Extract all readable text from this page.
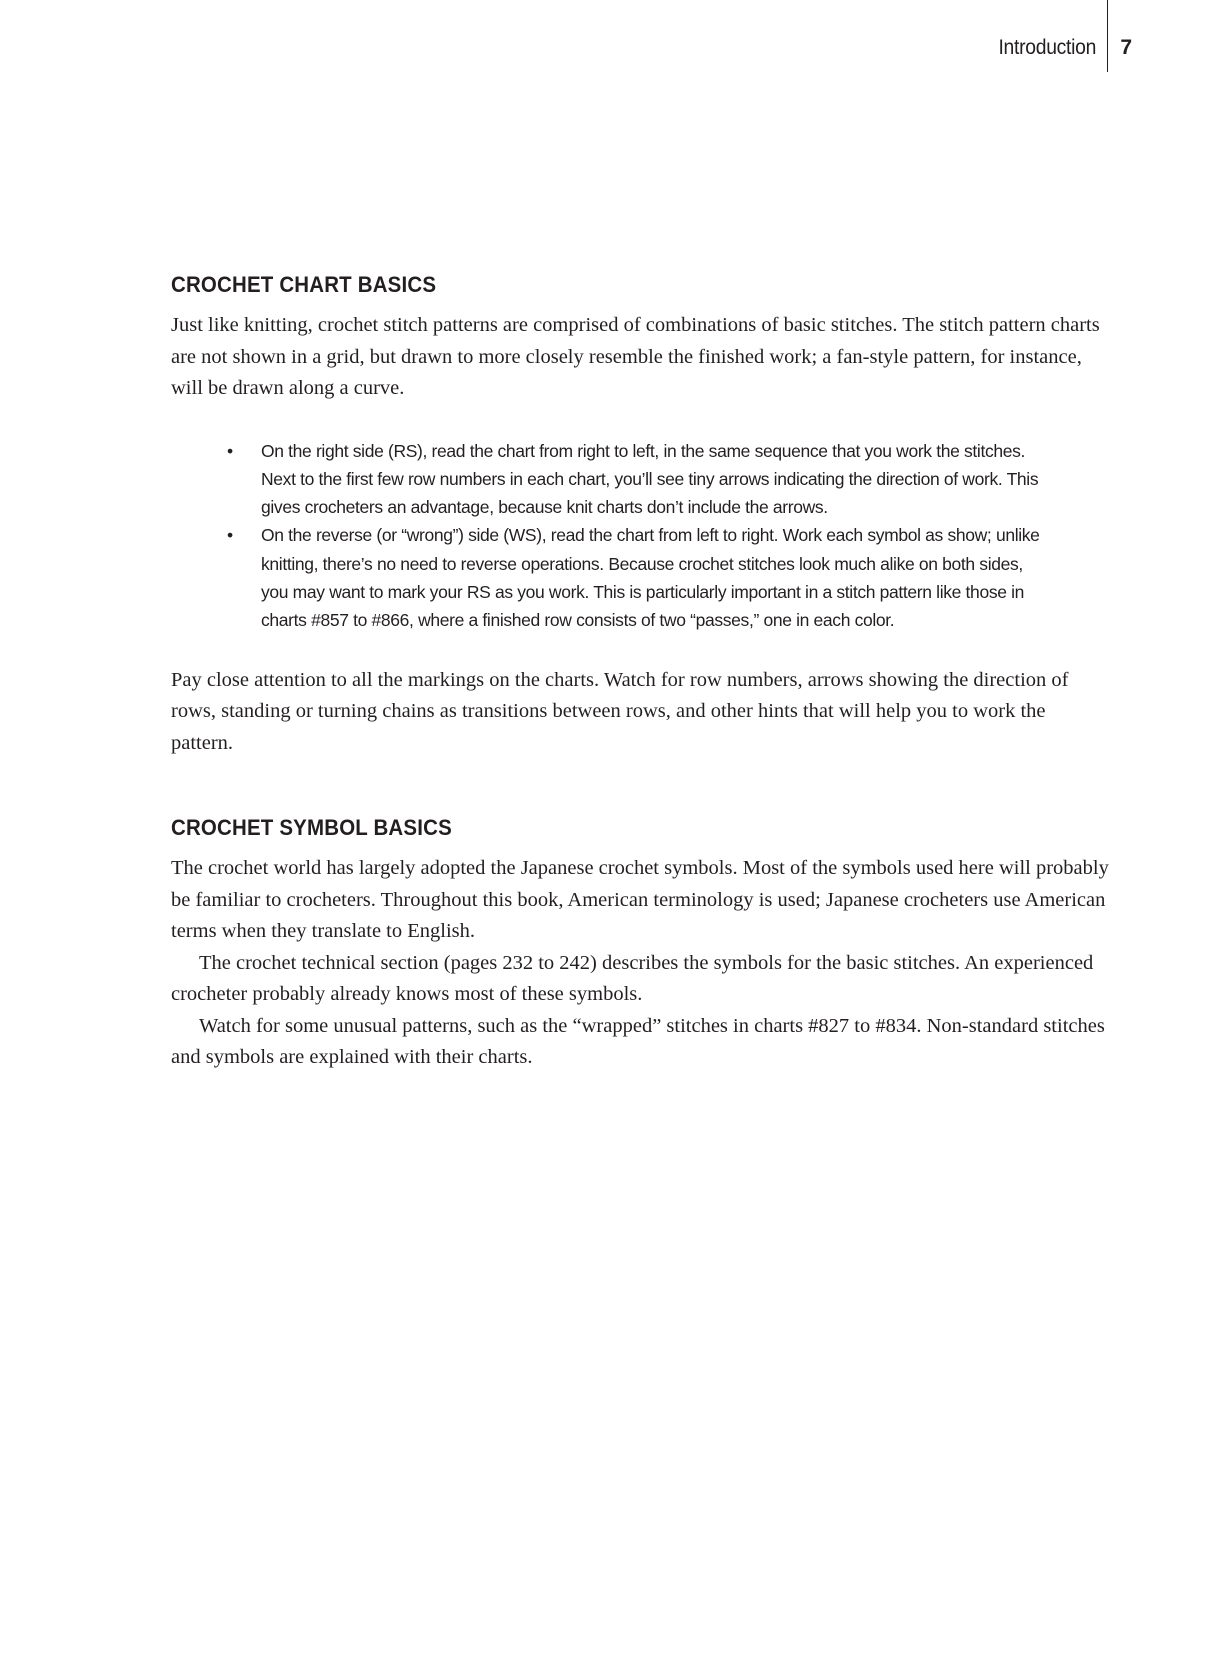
Introduction	7
CROCHET CHART BASICS

Just like knitting, crochet stitch patterns are comprised of combinations of basic stitches. The stitch pattern charts are not shown in a grid, but drawn to more closely resemble the finished work; a fan-style pattern, for instance, will be drawn along a curve.

• On the right side (RS), read the chart from right to left, in the same sequence that you work the stitches. Next to the first few row numbers in each chart, you’ll see tiny arrows indicating the direction of work. This gives crocheters an advantage, because knit charts don’t include the arrows.
• On the reverse (or “wrong”) side (WS), read the chart from left to right. Work each symbol as show; unlike knitting, there’s no need to reverse operations. Because crochet stitches look much alike on both sides, you may want to mark your RS as you work. This is particularly important in a stitch pattern like those in charts #857 to #866, where a finished row consists of two “passes,” one in each color.

Pay close attention to all the markings on the charts. Watch for row numbers, arrows showing the direction of rows, standing or turning chains as transitions between rows, and other hints that will help you to work the pattern.

CROCHET SYMBOL BASICS

The crochet world has largely adopted the Japanese crochet symbols. Most of the symbols used here will probably be familiar to crocheters. Throughout this book, American terminology is used; Japanese crocheters use American terms when they translate to English.

The crochet technical section (pages 232 to 242) describes the symbols for the basic stitches. An experienced crocheter probably already knows most of these symbols.

Watch for some unusual patterns, such as the “wrapped” stitches in charts #827 to #834. Non-standard stitches and symbols are explained with their charts.
